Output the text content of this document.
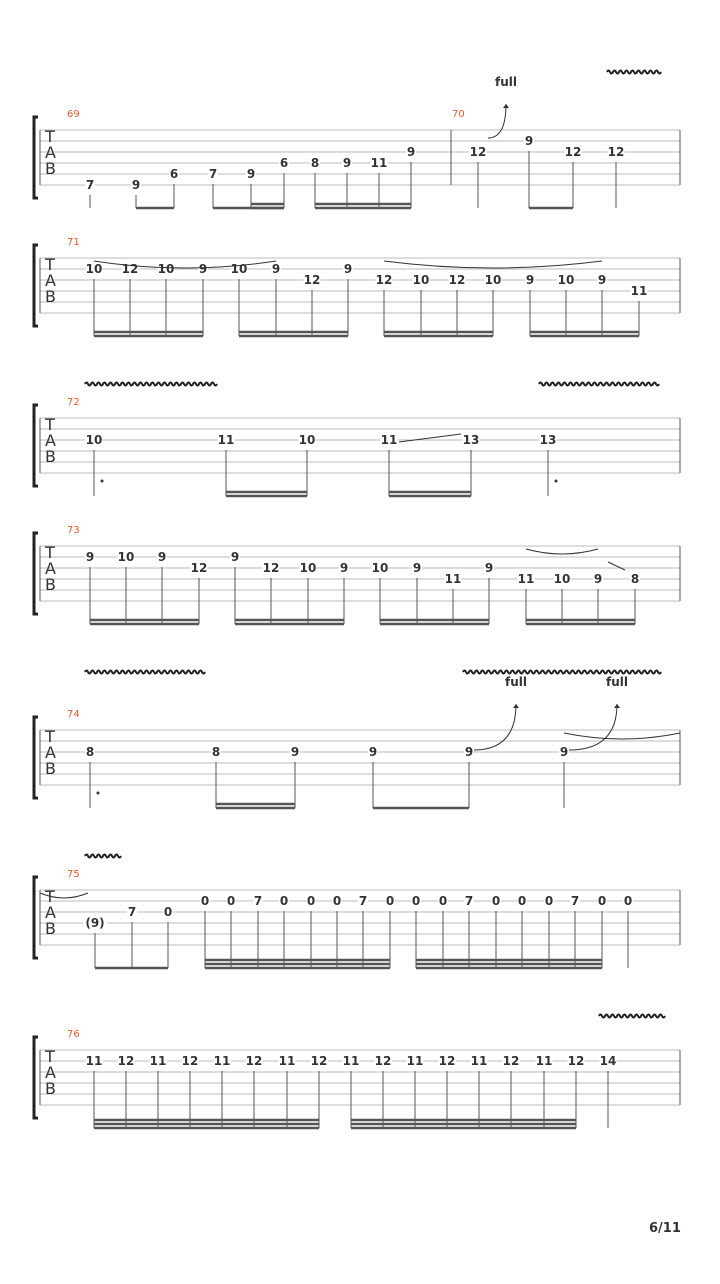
T
A
B
69
7	9
6	7 9
6 8 9 11
9
70
12
9
12 12
full
T
A
B
71
10 12 10 9 10 9
12
9
12 10 12 10 9 10 9
11
T
A
B
72
10	11	10	11	13	13
T
A
B
73
9 10 9
12
9
12 10 9 10 9
11
9
11 10 9 8
T
A
B
74
8	8	9	9	9	9
full	full
T
A
B
75
(9)
7 0
0 0 7 0 0 0 7 0 0 0 7 0 0 0 7 0 0
T
A
B
76
11 12 11 12 11 12 11 12 11 12 11 12 11 12 11 12 14
6/11
